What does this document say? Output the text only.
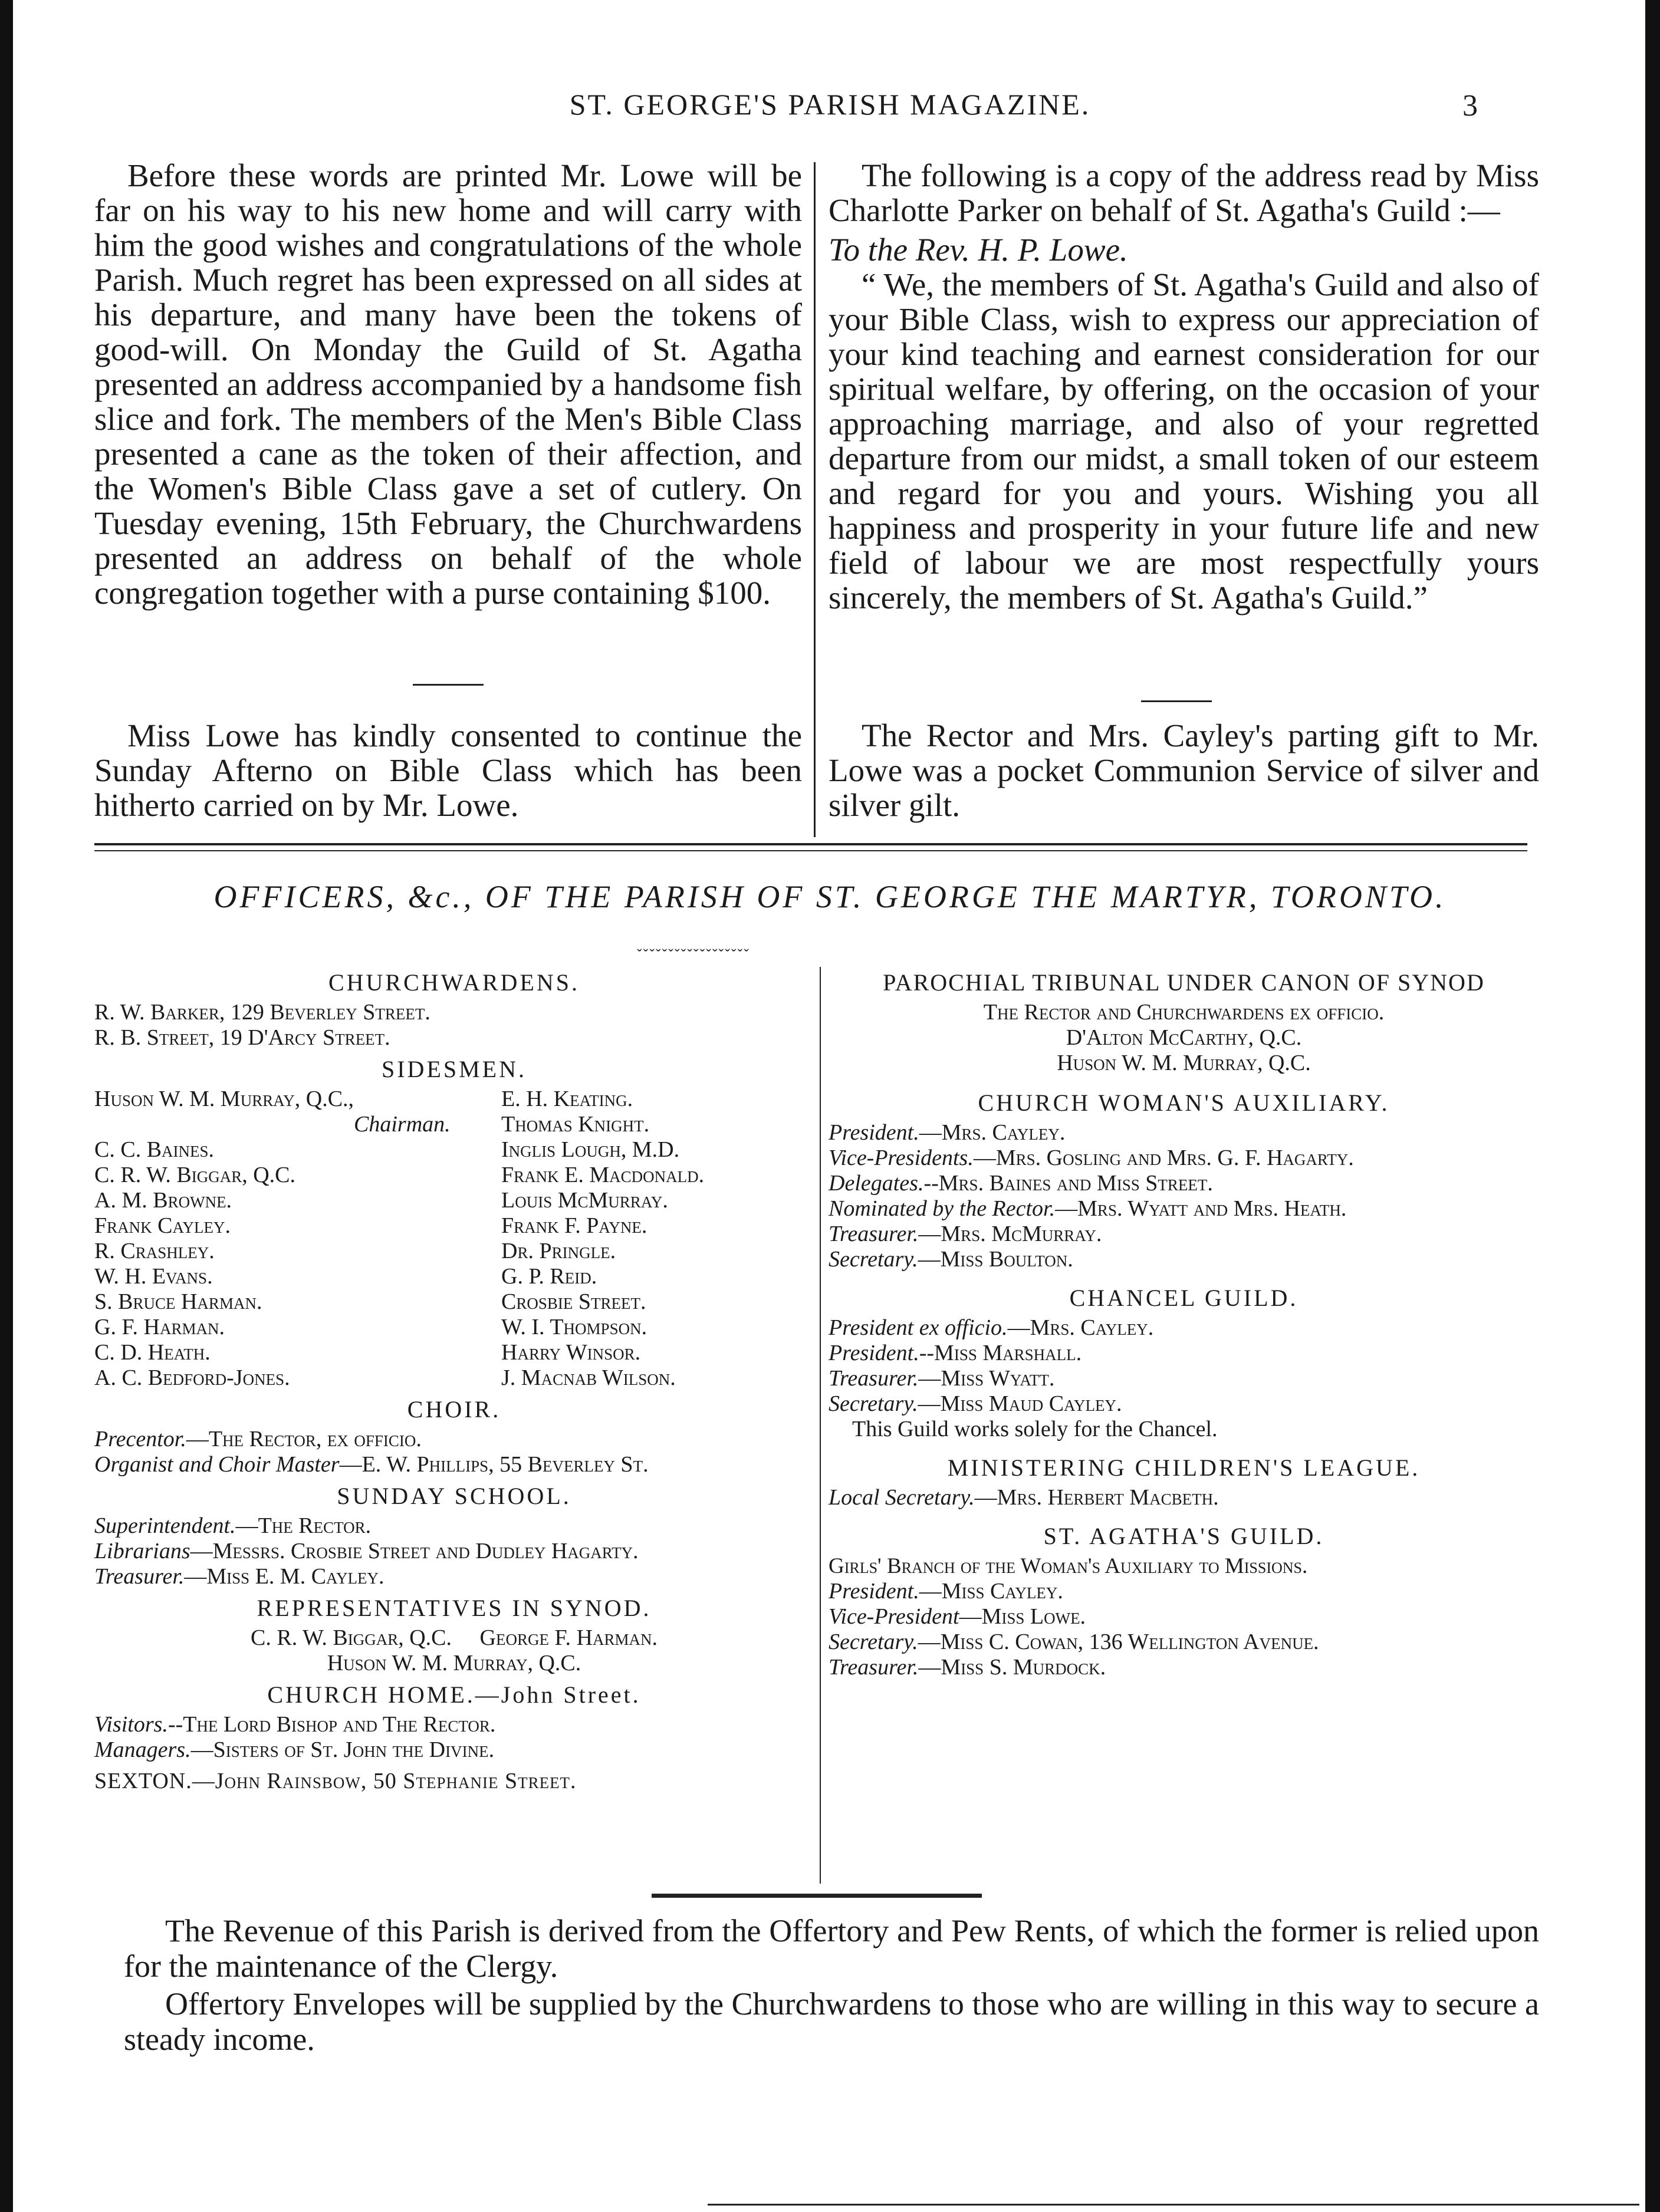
ST. GEORGE'S PARISH MAGAZINE.	3

Before these words are printed Mr. Lowe will be far on his way to his new home and will carry with him the good wishes and congratulations of the whole Parish. Much regret has been expressed on all sides at his departure, and many have been the tokens of good-will. On Monday the Guild of St. Agatha presented an address accompanied by a handsome fish slice and fork. The members of the Men's Bible Class presented a cane as the token of their affection, and the Women's Bible Class gave a set of cutlery. On Tuesday evening, 15th February, the Churchwardens presented an address on behalf of the whole congregation together with a purse containing $100.

Miss Lowe has kindly consented to continue the Sunday Afterno on Bible Class which has been hitherto carried on by Mr. Lowe.

The following is a copy of the address read by Miss Charlotte Parker on behalf of St. Agatha's Guild :—

To the Rev. H. P. Lowe.

“ We, the members of St. Agatha's Guild and also of your Bible Class, wish to express our appreciation of your kind teaching and earnest consideration for our spiritual welfare, by offering, on the occasion of your approaching marriage, and also of your regretted departure from our midst, a small token of our esteem and regard for you and yours. Wishing you all happiness and prosperity in your future life and new field of labour we are most respectfully yours sincerely, the members of St. Agatha's Guild.”

The Rector and Mrs. Cayley's parting gift to Mr. Lowe was a pocket Communion Service of silver and silver gilt.

OFFICERS, &c., OF THE PARISH OF ST. GEORGE THE MARTYR, TORONTO.
ˬˬˬˬˬˬˬˬˬˬˬˬˬˬˬˬˬˬ
CHURCHWARDENS.

R. W. Barker, 129 Beverley Street.

R. B. Street, 19 D'Arcy Street.

SIDESMEN.

Huson W. M. Murray, Q.C.,

Chairman.

C. C. Baines.

C. R. W. Biggar, Q.C.

A. M. Browne.

Frank Cayley.

R. Crashley.

W. H. Evans.

S. Bruce Harman.

G. F. Harman.

C. D. Heath.

A. C. Bedford-Jones.

E. H. Keating.

Thomas Knight.

Inglis Lough, M.D.

Frank E. Macdonald.

Louis McMurray.

Frank F. Payne.

Dr. Pringle.

G. P. Reid.

Crosbie Street.

W. I. Thompson.

Harry Winsor.

J. Macnab Wilson.

CHOIR.

Precentor.—The Rector, ex officio.

Organist and Choir Master—E. W. Phillips, 55 Beverley St.

SUNDAY SCHOOL.

Superintendent.—The Rector.

Librarians—Messrs. Crosbie Street and Dudley Hagarty.

Treasurer.—Miss E. M. Cayley.

REPRESENTATIVES IN SYNOD.

C. R. W. Biggar, Q.C.     George F. Harman.

Huson W. M. Murray, Q.C.

CHURCH HOME.—John Street.

Visitors.--The Lord Bishop and The Rector.

Managers.—Sisters of St. John the Divine.

SEXTON.—John Rainsbow, 50 Stephanie Street.

PAROCHIAL TRIBUNAL UNDER CANON OF SYNOD

The Rector and Churchwardens ex officio.

D'Alton McCarthy, Q.C.

Huson W. M. Murray, Q.C.

CHURCH WOMAN'S AUXILIARY.

President.—Mrs. Cayley.

Vice-Presidents.—Mrs. Gosling and Mrs. G. F. Hagarty.

Delegates.--Mrs. Baines and Miss Street.

Nominated by the Rector.—Mrs. Wyatt and Mrs. Heath.

Treasurer.—Mrs. McMurray.

Secretary.—Miss Boulton.

CHANCEL GUILD.

President ex officio.—Mrs. Cayley.

President.--Miss Marshall.

Treasurer.—Miss Wyatt.

Secretary.—Miss Maud Cayley.

This Guild works solely for the Chancel.

MINISTERING CHILDREN'S LEAGUE.

Local Secretary.—Mrs. Herbert Macbeth.

ST. AGATHA'S GUILD.

Girls' Branch of the Woman's Auxiliary to Missions.

President.—Miss Cayley.

Vice-President—Miss Lowe.

Secretary.—Miss C. Cowan, 136 Wellington Avenue.

Treasurer.—Miss S. Murdock.

The Revenue of this Parish is derived from the Offertory and Pew Rents, of which the former is relied upon for the maintenance of the Clergy.

Offertory Envelopes will be supplied by the Churchwardens to those who are willing in this way to secure a steady income.
